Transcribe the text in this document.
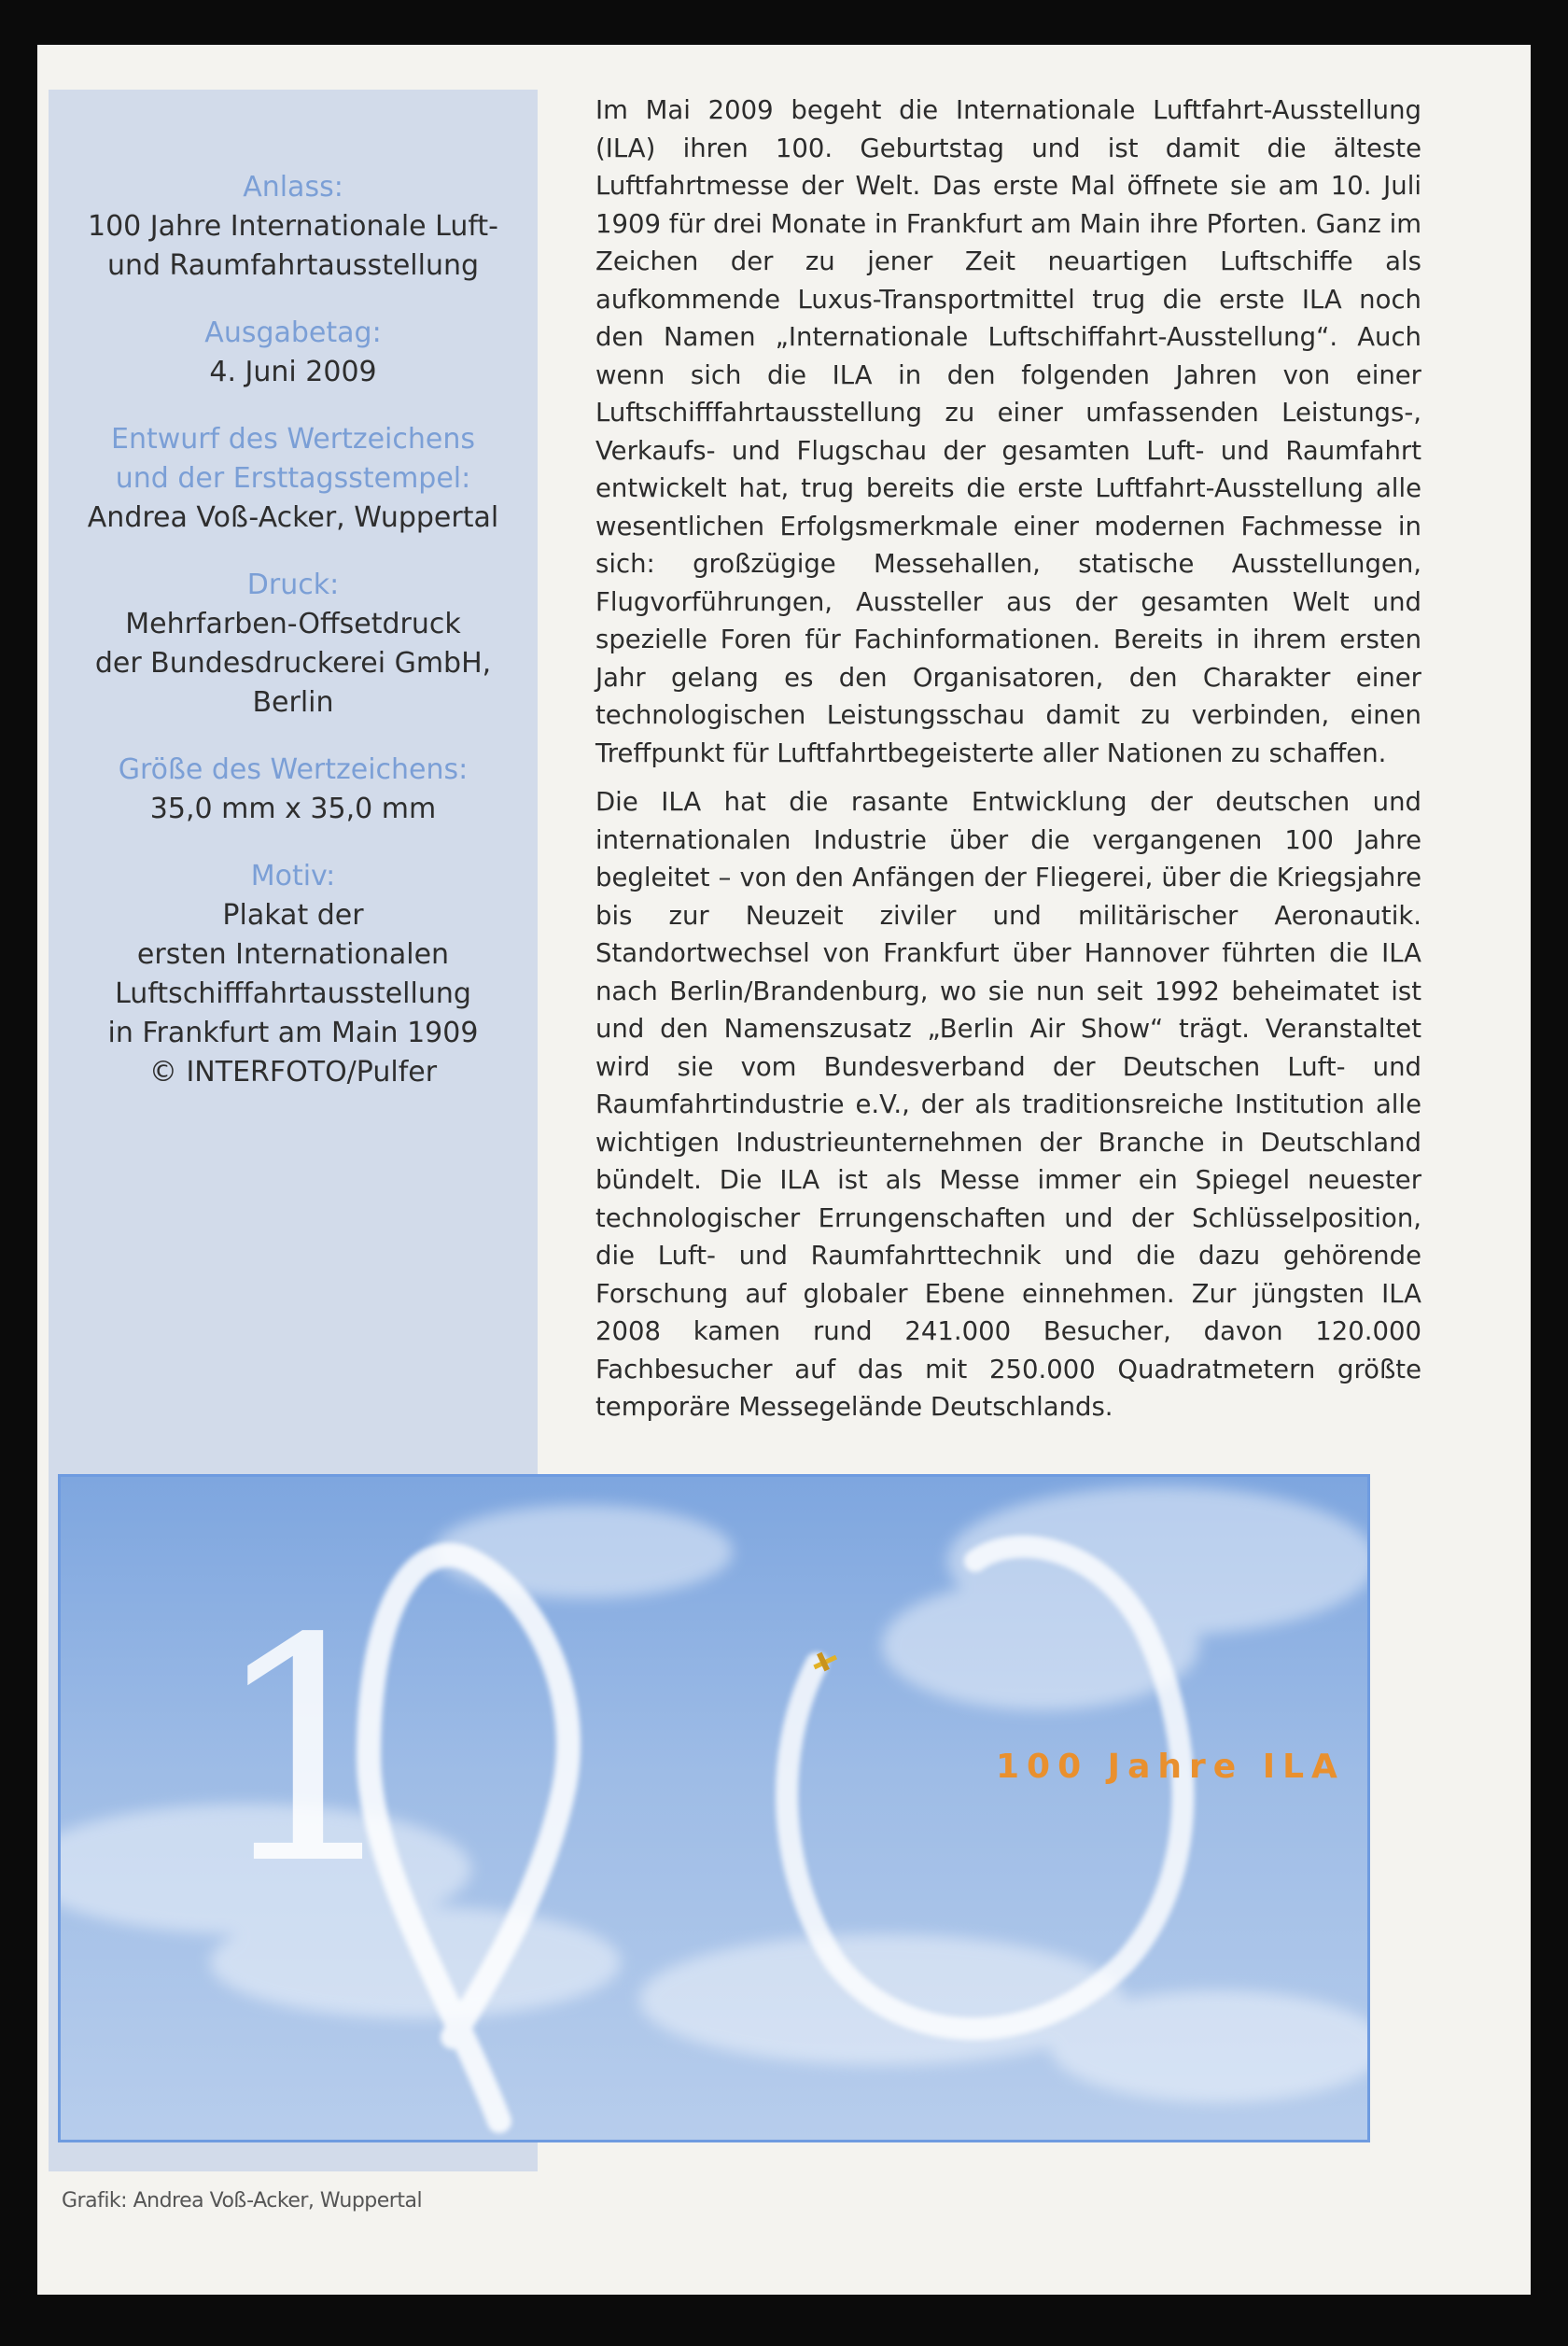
Anlass:
100 Jahre Internationale Luft-
und Raumfahrtausstellung
Ausgabetag:
4. Juni 2009
Entwurf des Wertzeichens
und der Ersttagsstempel:
Andrea Voß-Acker, Wuppertal
Druck:
Mehrfarben-Offsetdruck
der Bundesdruckerei GmbH,
Berlin
Größe des Wertzeichens:
35,0 mm x 35,0 mm
Motiv:
Plakat der
ersten Internationalen
Luftschifffahrtausstellung
in Frankfurt am Main 1909
© INTERFOTO/Pulfer

Im Mai 2009 begeht die Internationale Luftfahrt-Ausstellung (ILA) ihren 100. Geburtstag und ist damit die älteste Luftfahrtmesse der Welt. Das erste Mal öffnete sie am 10. Juli 1909 für drei Monate in Frankfurt am Main ihre Pforten. Ganz im Zeichen der zu jener Zeit neuartigen Luftschiffe als aufkommende Luxus-Transportmittel trug die erste ILA noch den Namen „Internationale Luftschiffahrt-Ausstellung“. Auch wenn sich die ILA in den folgenden Jahren von einer Luftschifffahrtausstellung zu einer umfassenden Leistungs-, Verkaufs- und Flugschau der gesamten Luft- und Raumfahrt entwickelt hat, trug bereits die erste Luftfahrt-Ausstellung alle wesentlichen Erfolgsmerkmale einer modernen Fachmesse in sich: großzügige Messehallen, statische Ausstellungen, Flugvorführungen, Aussteller aus der gesamten Welt und spezielle Foren für Fachinformationen. Bereits in ihrem ersten Jahr gelang es den Organisatoren, den Charakter einer technologischen Leistungsschau damit zu verbinden, einen Treffpunkt für Luftfahrtbegeisterte aller Nationen zu schaffen.

Die ILA hat die rasante Entwicklung der deutschen und internationalen Industrie über die vergangenen 100 Jahre begleitet – von den Anfängen der Fliegerei, über die Kriegsjahre bis zur Neuzeit ziviler und militärischer Aeronautik. Standortwechsel von Frankfurt über Hannover führten die ILA nach Berlin/Brandenburg, wo sie nun seit 1992 beheimatet ist und den Namenszusatz „Berlin Air Show“ trägt. Veranstaltet wird sie vom Bundesverband der Deutschen Luft- und Raumfahrtindustrie e.V., der als traditionsreiche Institution alle wichtigen Industrieunternehmen der Branche in Deutschland bündelt. Die ILA ist als Messe immer ein Spiegel neuester technologischer Errungenschaften und der Schlüsselposition, die Luft- und Raumfahrttechnik und die dazu gehörende Forschung auf globaler Ebene einnehmen. Zur jüngsten ILA 2008 kamen rund 241.000 Besucher, davon 120.000 Fachbesucher auf das mit 250.000 Quadratmetern größte temporäre Messegelände Deutschlands.

1	100 Jahre ILA
Grafik: Andrea Voß-Acker, Wuppertal
